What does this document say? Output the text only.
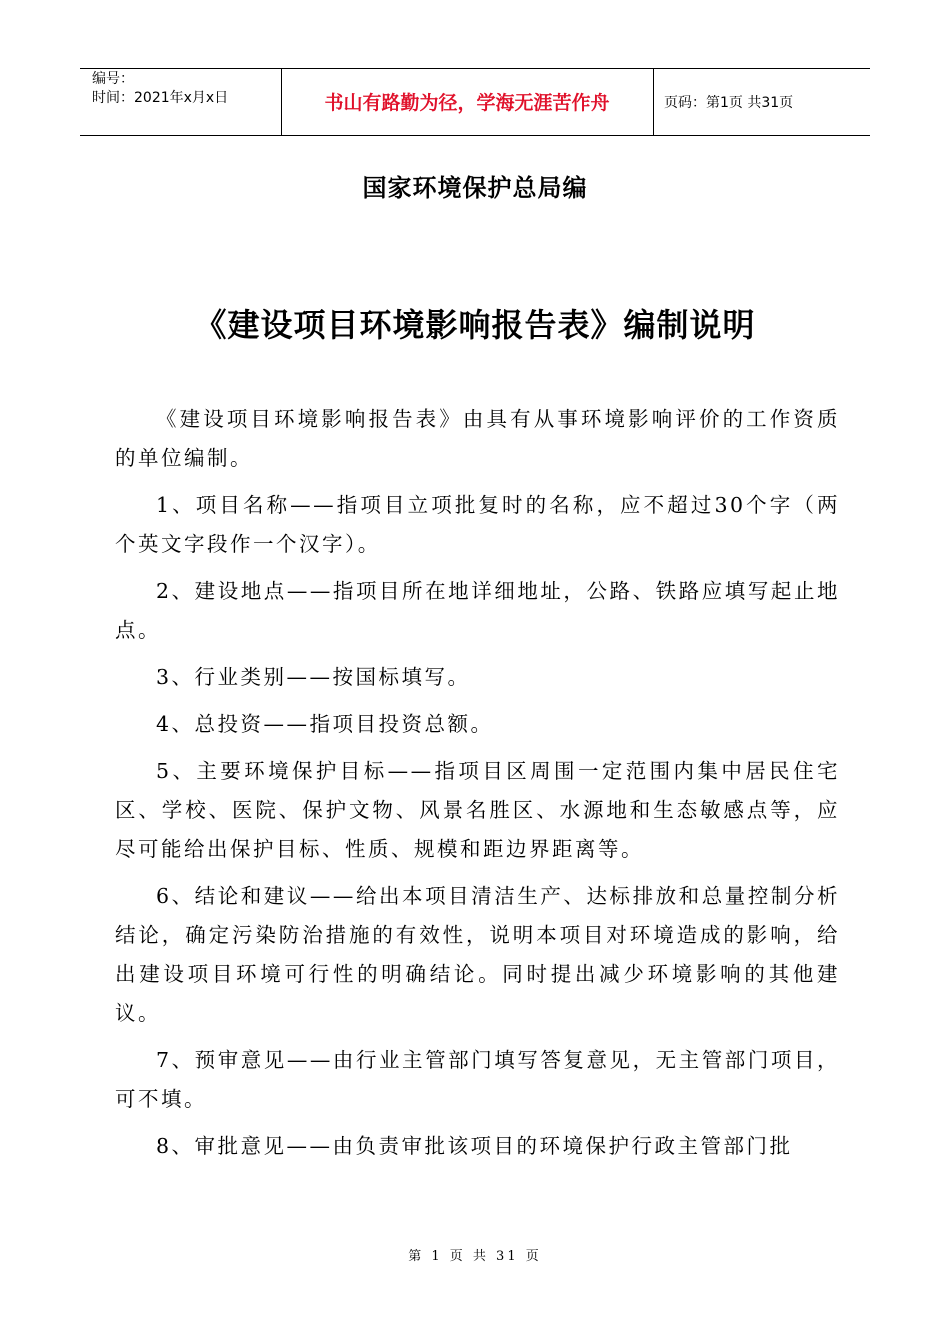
编号：
时间：2021年x月x日	书山有路勤为径，学海无涯苦作舟	页码：第1页 共31页
国家环境保护总局编
《建设项目环境影响报告表》编制说明

《建设项目环境影响报告表》由具有从事环境影响评价的工作资质的单位编制。

1、项目名称——指项目立项批复时的名称，应不超过30个字（两个英文字段作一个汉字）。

2、建设地点——指项目所在地详细地址，公路、铁路应填写起止地点。

3、行业类别——按国标填写。

4、总投资——指项目投资总额。

5、主要环境保护目标——指项目区周围一定范围内集中居民住宅区、学校、医院、保护文物、风景名胜区、水源地和生态敏感点等，应尽可能给出保护目标、性质、规模和距边界距离等。

6、结论和建议——给出本项目清洁生产、达标排放和总量控制分析结论，确定污染防治措施的有效性，说明本项目对环境造成的影响，给出建设项目环境可行性的明确结论。同时提出减少环境影响的其他建议。

7、预审意见——由行业主管部门填写答复意见，无主管部门项目，可不填。

8、审批意见——由负责审批该项目的环境保护行政主管部门批

第 1 页 共 31 页
